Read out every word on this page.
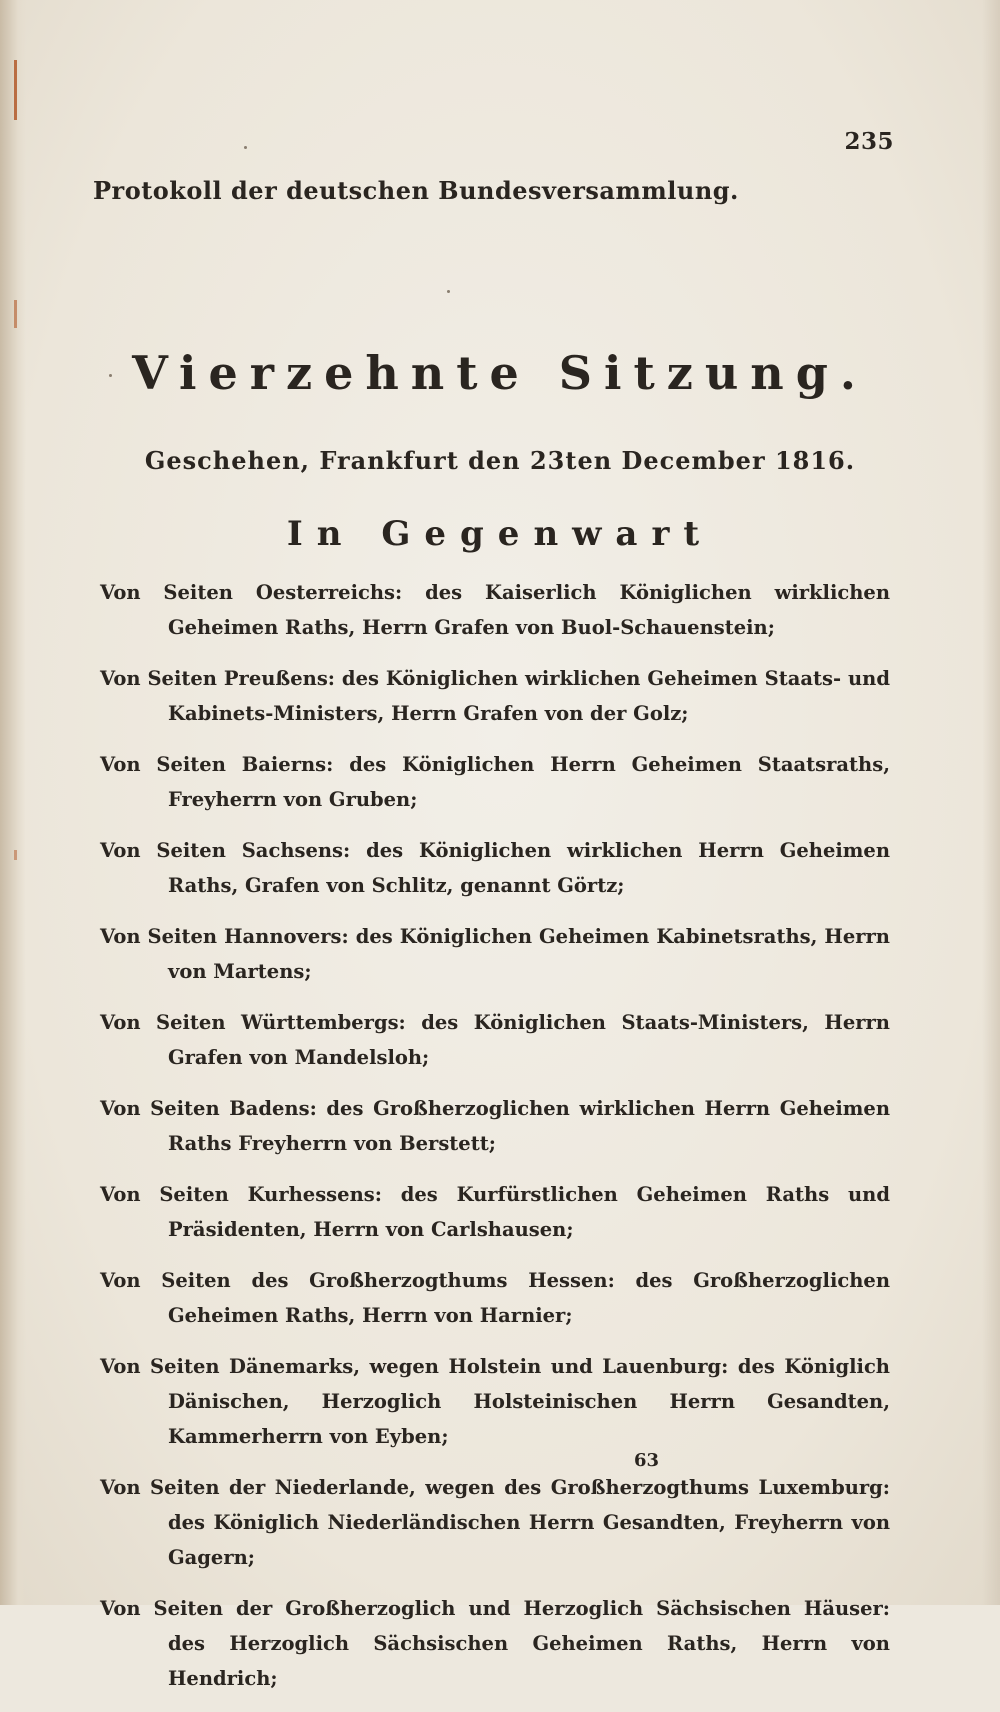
235
Protokoll der deutschen Bundesversammlung.
Vierzehnte Sitzung.
Geschehen, Frankfurt den 23ten December 1816.
In Gegenwart

Von Seiten Oesterreichs: des Kaiserlich Königlichen wirklichen Geheimen Raths, Herrn Grafen von Buol-Schauenstein;

Von Seiten Preußens: des Königlichen wirklichen Geheimen Staats- und Kabinets-Ministers, Herrn Grafen von der Golz;

Von Seiten Baierns: des Königlichen Herrn Geheimen Staatsraths, Freyherrn von Gruben;

Von Seiten Sachsens: des Königlichen wirklichen Herrn Geheimen Raths, Grafen von Schlitz, genannt Görtz;

Von Seiten Hannovers: des Königlichen Geheimen Kabinetsraths, Herrn von Martens;

Von Seiten Württembergs: des Königlichen Staats-Ministers, Herrn Grafen von Mandelsloh;

Von Seiten Badens: des Großherzoglichen wirklichen Herrn Geheimen Raths Freyherrn von Berstett;

Von Seiten Kurhessens: des Kurfürstlichen Geheimen Raths und Präsidenten, Herrn von Carlshausen;

Von Seiten des Großherzogthums Hessen: des Großherzoglichen Geheimen Raths, Herrn von Harnier;

Von Seiten Dänemarks, wegen Holstein und Lauenburg: des Königlich Dänischen, Herzoglich Holsteinischen Herrn Gesandten, Kammerherrn von Eyben;

Von Seiten der Niederlande, wegen des Großherzogthums Luxemburg: des Königlich Niederländischen Herrn Gesandten, Freyherrn von Gagern;

Von Seiten der Großherzoglich und Herzoglich Sächsischen Häuser: des Herzoglich Sächsischen Geheimen Raths, Herrn von Hendrich;

63
